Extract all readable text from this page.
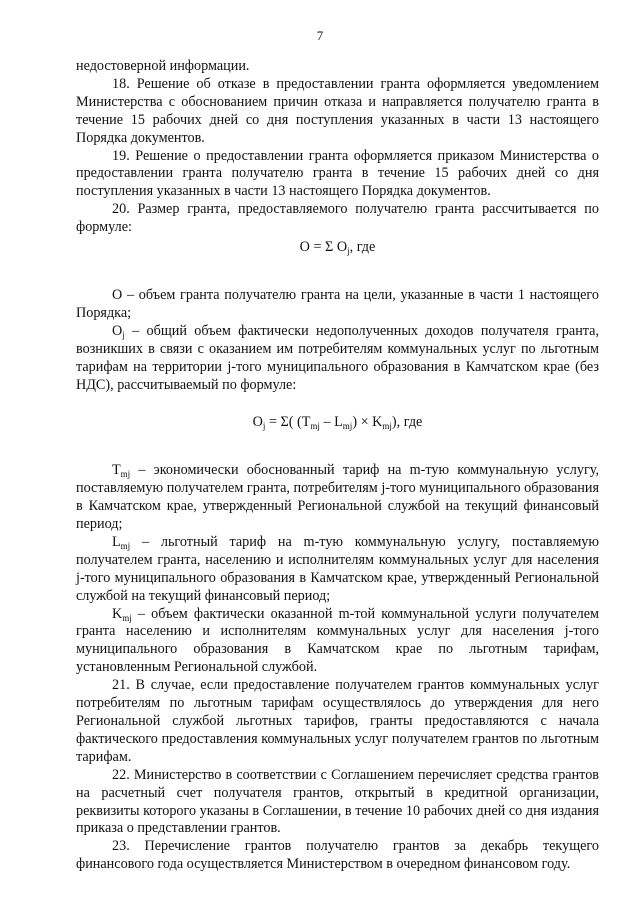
7

недостоверной информации.

18. Решение об отказе в предоставлении гранта оформляется уведомлением Министерства с обоснованием причин отказа и направляется получателю гранта в течение 15 рабочих дней со дня поступления указанных в части 13 настоящего Порядка документов.

19. Решение о предоставлении гранта оформляется приказом Министерства о предоставлении гранта получателю гранта в течение 15 рабочих дней со дня поступления указанных в части 13 настоящего Порядка документов.

20. Размер гранта, предоставляемого получателю гранта рассчитывается по формуле:

О = Σ $О_j$, где

О – объем гранта получателю гранта на цели, указанные в части 1 настоящего Порядка;

$О_j$ – общий объем фактически недополученных доходов получателя гранта, возникших в связи с оказанием им потребителям коммунальных услуг по льготным тарифам на территории j-того муниципального образования в Камчатском крае (без НДС), рассчитываемый по формуле:

$О_j = \Sigma$( $(Т_{mj} - L_{mj}) \times K_{mj}$), где

$Т_{mj}$ – экономически обоснованный тариф на m-тую коммунальную услугу, поставляемую получателем гранта, потребителям j-того муниципального образования в Камчатском крае, утвержденный Региональной службой на текущий финансовый период;

$L_{mj}$ – льготный тариф на m-тую коммунальную услугу, поставляемую получателем гранта, населению и исполнителям коммунальных услуг для населения j-того муниципального образования в Камчатском крае, утвержденный Региональной службой на текущий финансовый период;

$K_{mj}$ – объем фактически оказанной m-той коммунальной услуги получателем гранта населению и исполнителям коммунальных услуг для населения j-того муниципального образования в Камчатском крае по льготным тарифам, установленным Региональной службой.

21. В случае, если предоставление получателем грантов коммунальных услуг потребителям по льготным тарифам осуществлялось до утверждения для него Региональной службой льготных тарифов, гранты предоставляются с начала фактического предоставления коммунальных услуг получателем грантов по льготным тарифам.

22. Министерство в соответствии с Соглашением перечисляет средства грантов на расчетный счет получателя грантов, открытый в кредитной организации, реквизиты которого указаны в Соглашении, в течение 10 рабочих дней со дня издания приказа о представлении грантов.

23. Перечисление грантов получателю грантов за декабрь текущего финансового года осуществляется Министерством в очередном финансовом году.
